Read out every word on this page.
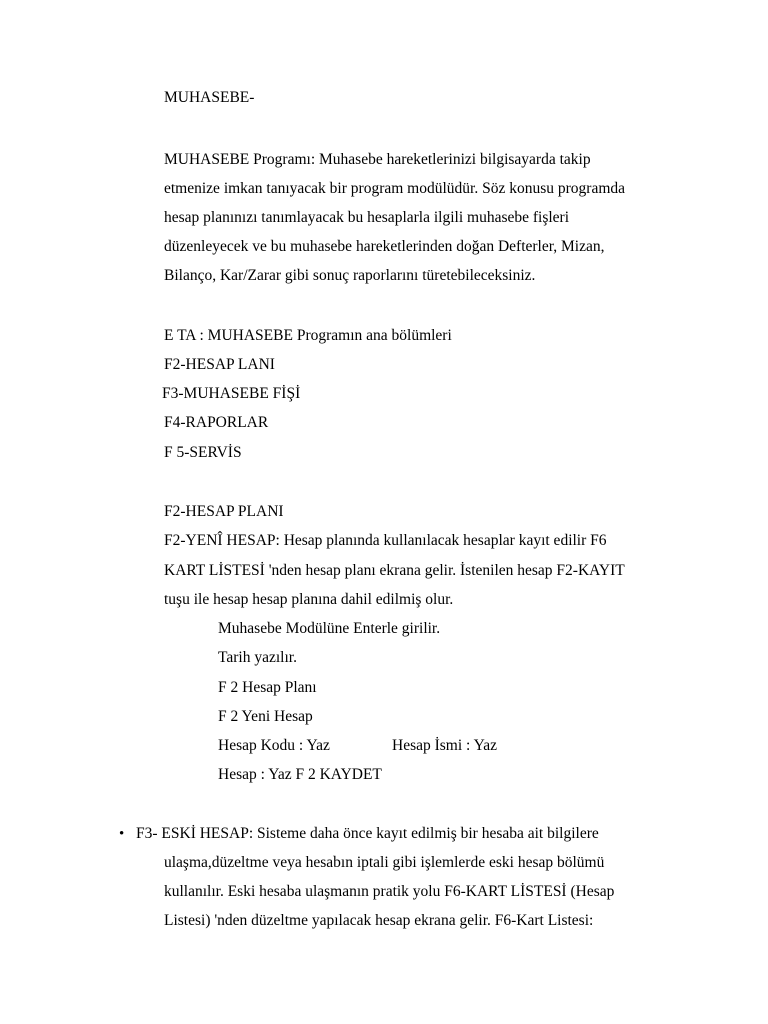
MUHASEBE-

MUHASEBE Programı: Muhasebe hareketlerinizi bilgisayarda takip

etmenize imkan tanıyacak bir program modülüdür. Söz konusu programda

hesap planınızı tanımlayacak bu hesaplarla ilgili muhasebe fişleri

düzenleyecek ve bu muhasebe hareketlerinden doğan Defterler, Mizan,

Bilanço, Kar/Zarar gibi sonuç raporlarını türetebileceksiniz.

E TA : MUHASEBE Programın ana bölümleri

F2-HESAP LANI

F3-MUHASEBE FİŞİ

F4-RAPORLAR

F 5-SERVİS

F2-HESAP PLANI

F2-YENÎ HESAP: Hesap planında kullanılacak hesaplar kayıt edilir F6

KART LİSTESİ 'nden hesap planı ekrana gelir. İstenilen hesap F2-KAYIT

tuşu ile hesap hesap planına dahil edilmiş olur.

Muhasebe Modülüne Enterle girilir.

Tarih yazılır.

F 2 Hesap Planı

F 2 Yeni Hesap

Hesap Kodu : Yaz	Hesap İsmi : Yaz

Hesap : Yaz F 2 KAYDET

• F3- ESKİ HESAP: Sisteme daha önce kayıt edilmiş bir hesaba ait bilgilere

ulaşma,düzeltme veya hesabın iptali gibi işlemlerde eski hesap bölümü

kullanılır. Eski hesaba ulaşmanın pratik yolu F6-KART LİSTESİ (Hesap

Listesi) 'nden düzeltme yapılacak hesap ekrana gelir. F6-Kart Listesi:
